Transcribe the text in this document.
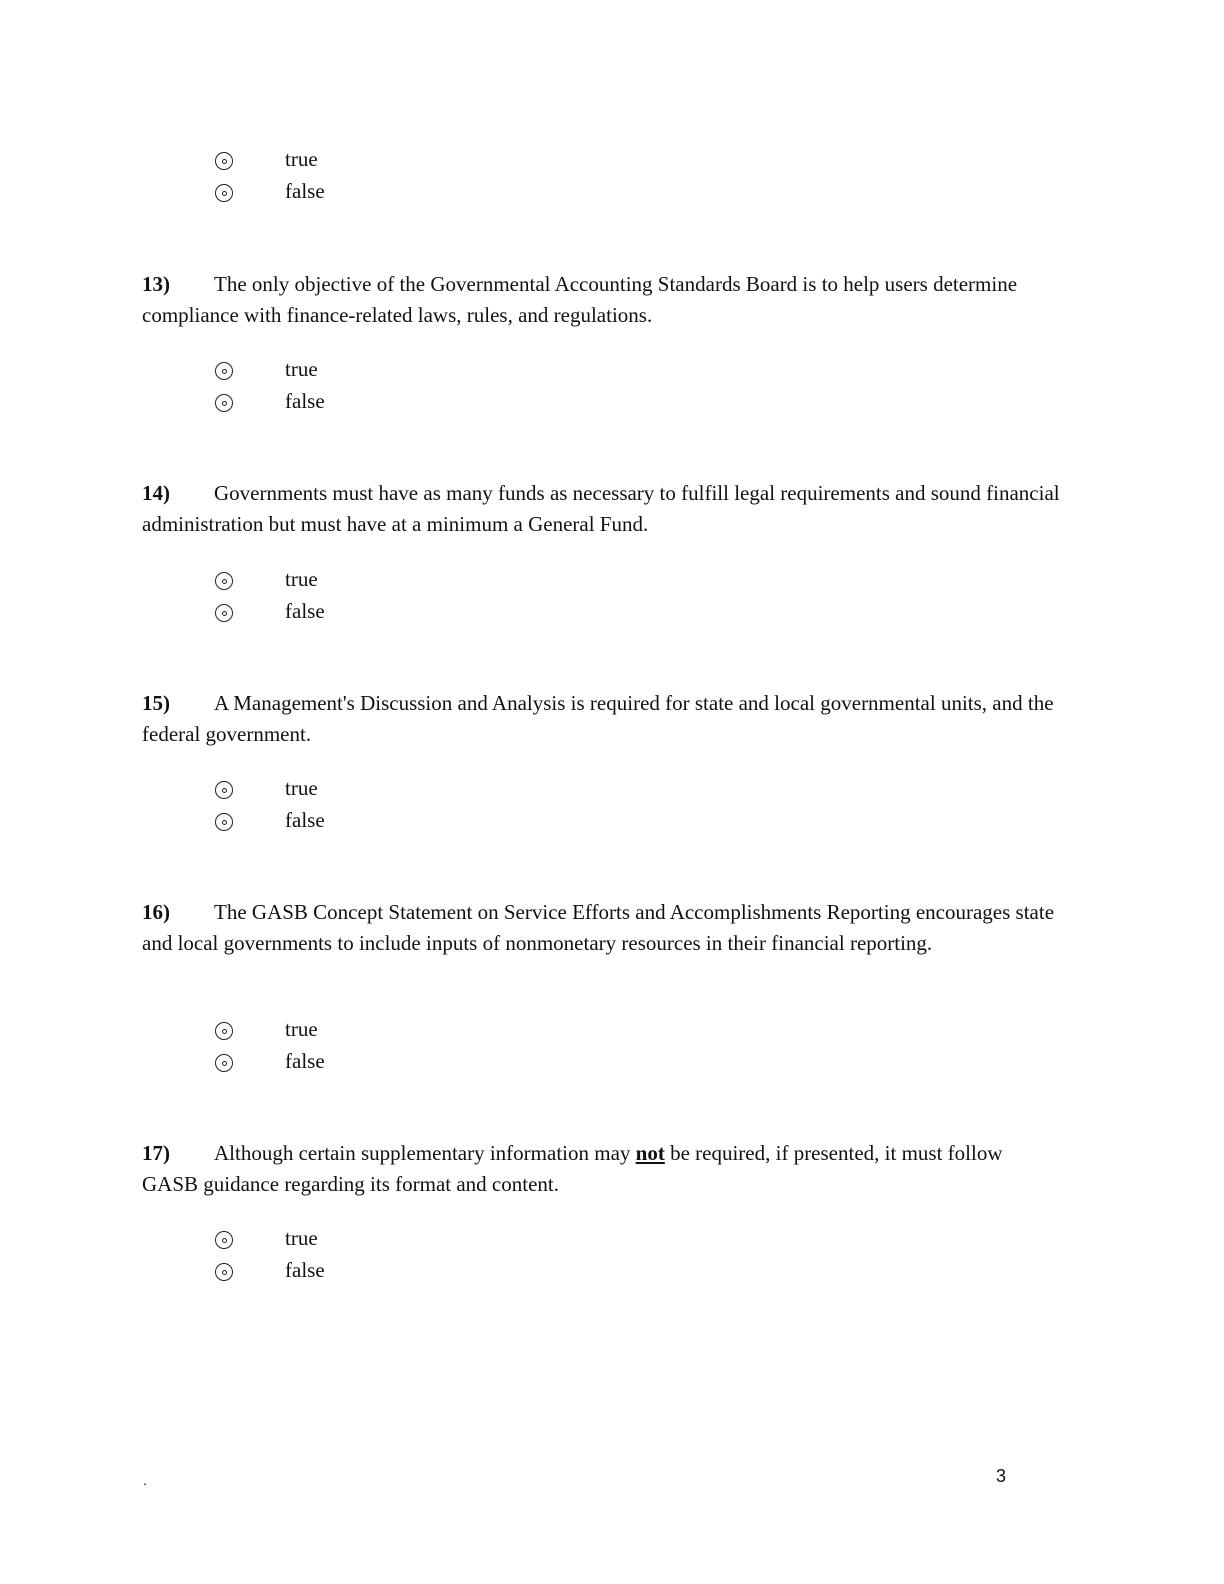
true
false
13) The only objective of the Governmental Accounting Standards Board is to help users determine compliance with finance-related laws, rules, and regulations.
true
false
14) Governments must have as many funds as necessary to fulfill legal requirements and sound financial administration but must have at a minimum a General Fund.
true
false
15) A Management's Discussion and Analysis is required for state and local governmental units, and the federal government.
true
false
16) The GASB Concept Statement on Service Efforts and Accomplishments Reporting encourages state and local governments to include inputs of nonmonetary resources in their financial reporting.
true
false
17) Although certain supplementary information may not be required, if presented, it must follow GASB guidance regarding its format and content.
true
false
.	3
